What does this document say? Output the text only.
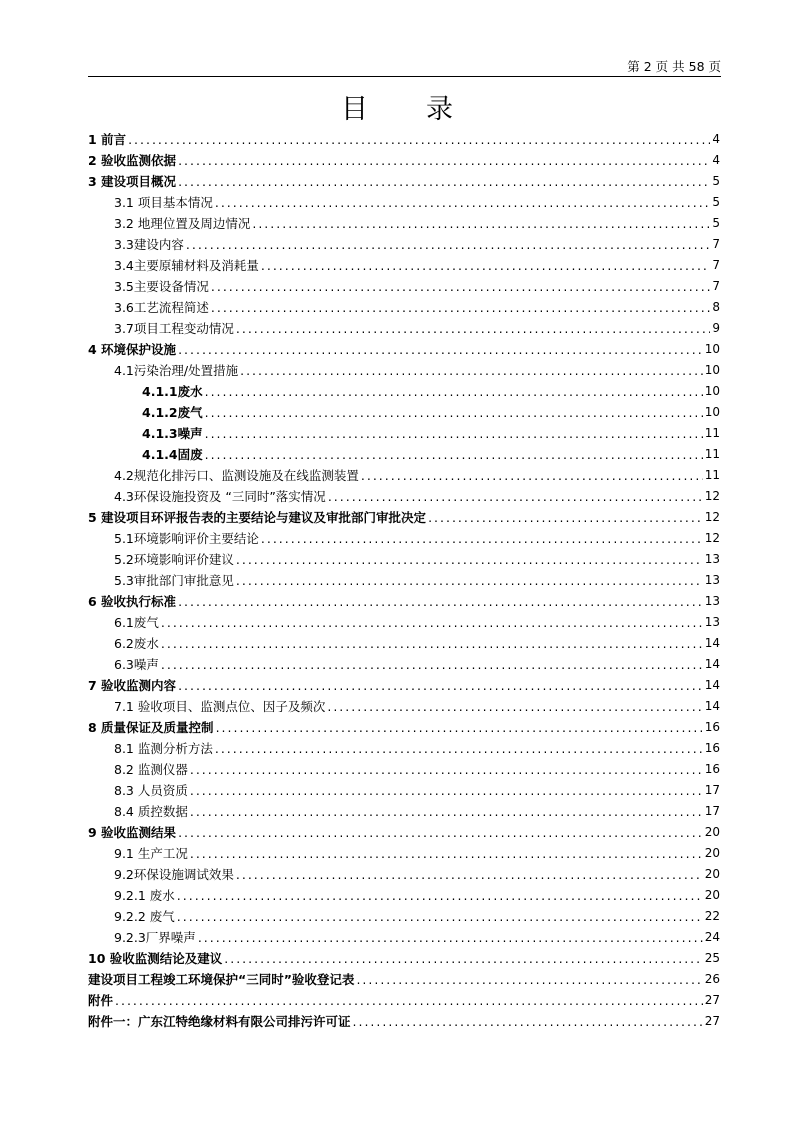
第 2 页 共 58 页
目录
1 前言 .....	4
2 验收监测依据 .....	4
3 建设项目概况 .....	5
3.1 项目基本情况 .....	5
3.2 地理位置及周边情况 .....	5
3.3建设内容 .....	7
3.4主要原辅材料及消耗量 .....	7
3.5主要设备情况 .....	7
3.6工艺流程简述 .....	8
3.7项目工程变动情况 .....	9
4 环境保护设施 .....	10
4.1污染治理/处置措施 .....	10
4.1.1废水 .....	10
4.1.2废气 .....	10
4.1.3噪声 .....	11
4.1.4固废 .....	11
4.2规范化排污口、监测设施及在线监测装置 .....	11
4.3环保设施投资及 “三同时”落实情况 .....	12
5 建设项目环评报告表的主要结论与建议及审批部门审批决定 .....	12
5.1环境影响评价主要结论 .....	12
5.2环境影响评价建议 .....	13
5.3审批部门审批意见 .....	13
6 验收执行标准 .....	13
6.1废气 .....	13
6.2废水 .....	14
6.3噪声 .....	14
7 验收监测内容 .....	14
7.1 验收项目、监测点位、因子及频次 .....	14
8 质量保证及质量控制 .....	16
8.1 监测分析方法 .....	16
8.2 监测仪器 .....	16
8.3 人员资质 .....	17
8.4 质控数据 .....	17
9 验收监测结果 .....	20
9.1 生产工况 .....	20
9.2环保设施调试效果 .....	20
9.2.1 废水 .....	20
9.2.2 废气 .....	22
9.2.3厂界噪声 .....	24
10 验收监测结论及建议 .....	25
建设项目工程竣工环境保护“三同时”验收登记表 .....	26
附件 .....	27
附件一：广东江特绝缘材料有限公司排污许可证 .....	27
